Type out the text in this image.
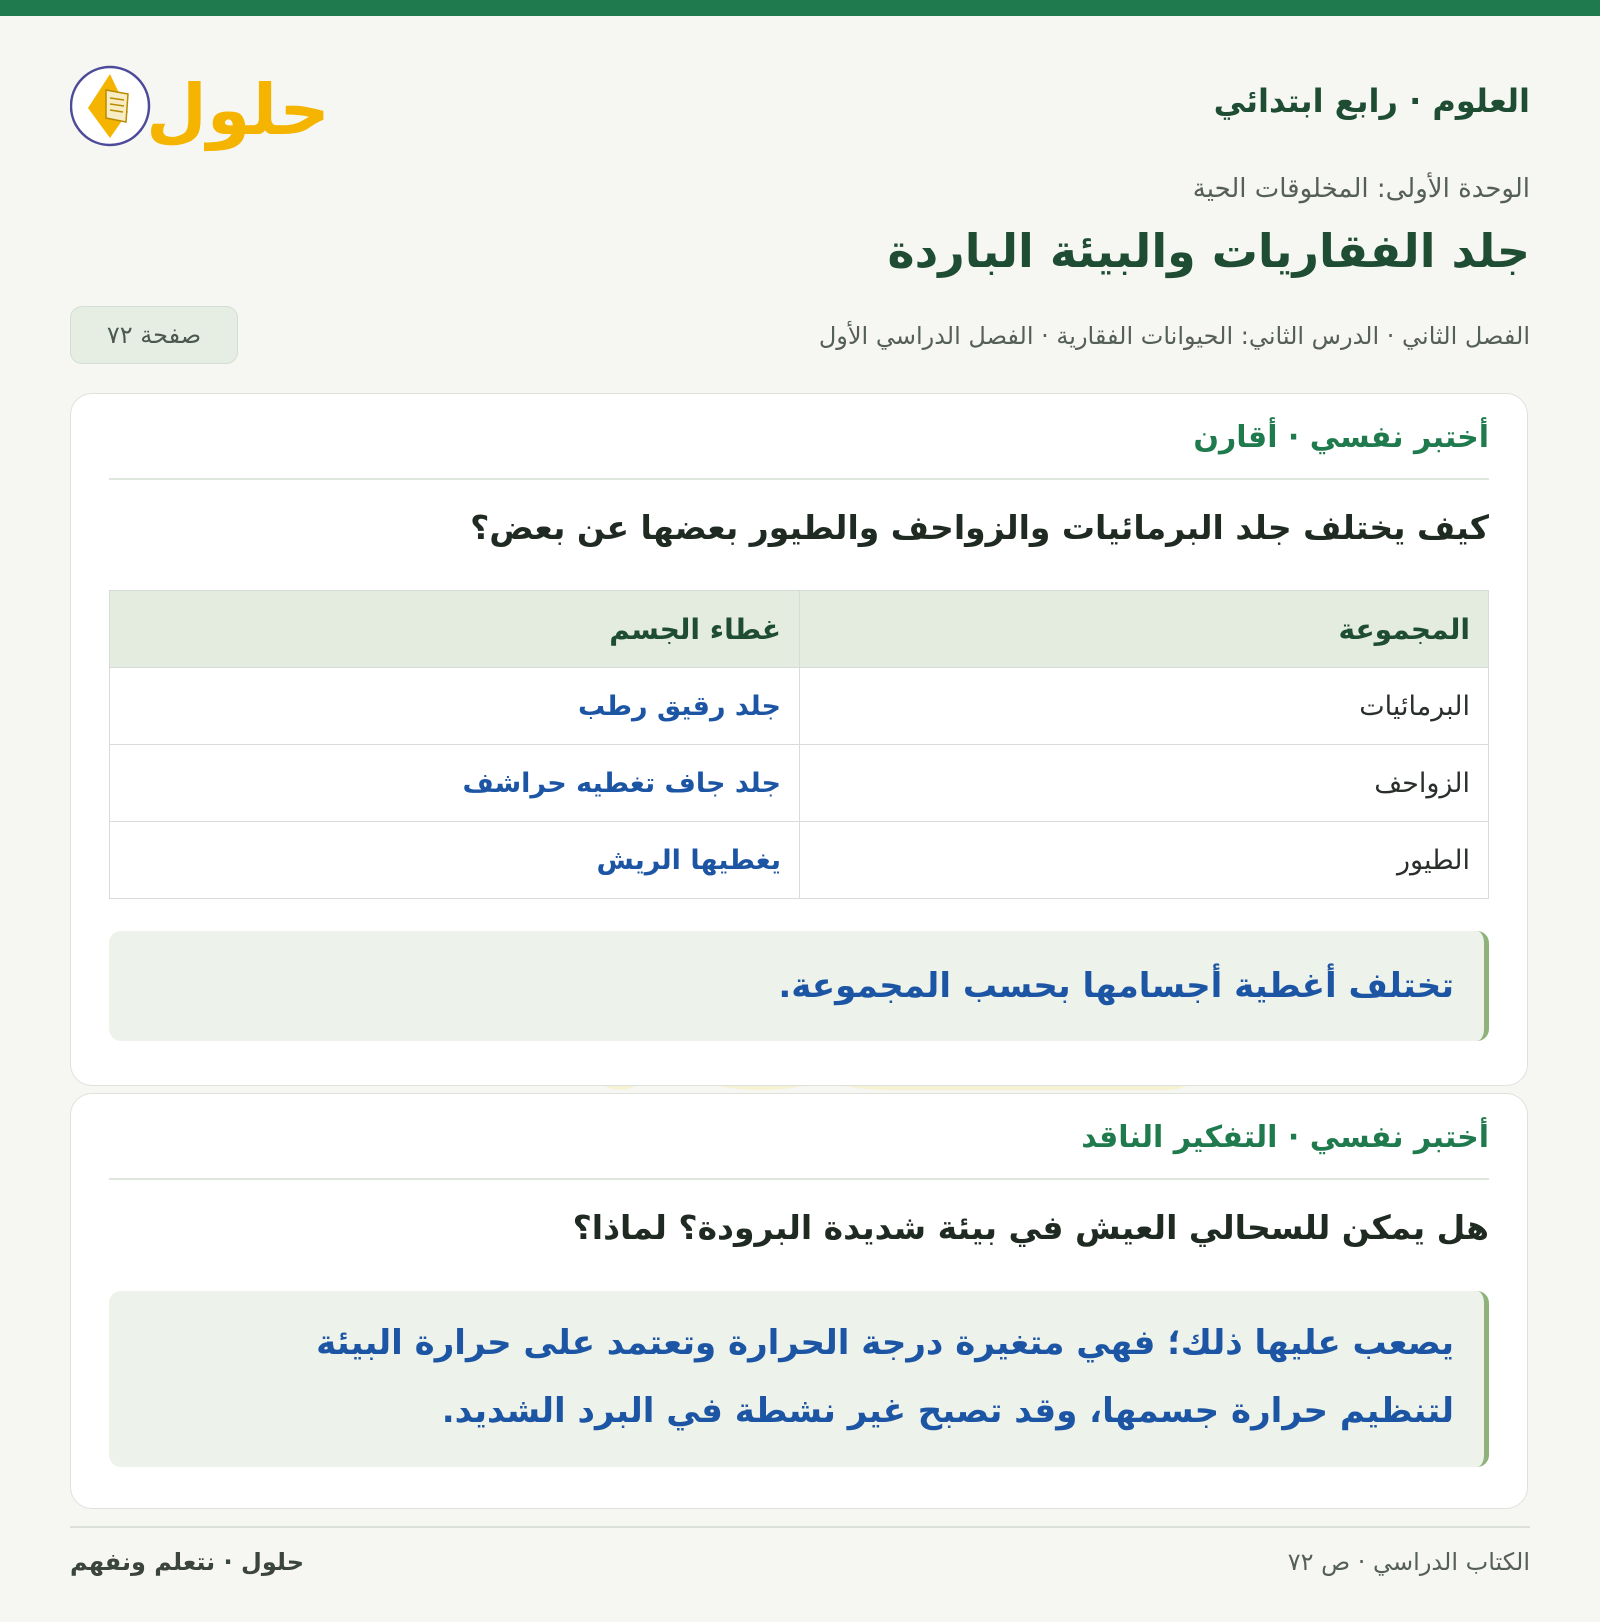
العلوم · رابع ابتدائي
حلول
الوحدة الأولى: المخلوقات الحية
جلد الفقاريات والبيئة الباردة
الفصل الثاني · الدرس الثاني: الحيوانات الفقارية · الفصل الدراسي الأول
صفحة ٧٢
أختبر نفسي · أقارن
كيف يختلف جلد البرمائيات والزواحف والطيور بعضها عن بعض؟
المجموعة	غطاء الجسم
البرمائيات	جلد رقيق رطب
الزواحف	جلد جاف تغطيه حراشف
الطيور	يغطيها الريش
تختلف أغطية أجسامها بحسب المجموعة.
أختبر نفسي · التفكير الناقد
هل يمكن للسحالي العيش في بيئة شديدة البرودة؟ لماذا؟
يصعب عليها ذلك؛ فهي متغيرة درجة الحرارة وتعتمد على حرارة البيئة
لتنظيم حرارة جسمها، وقد تصبح غير نشطة في البرد الشديد.
الكتاب الدراسي · ص ٧٢
حلول · نتعلم ونفهم
